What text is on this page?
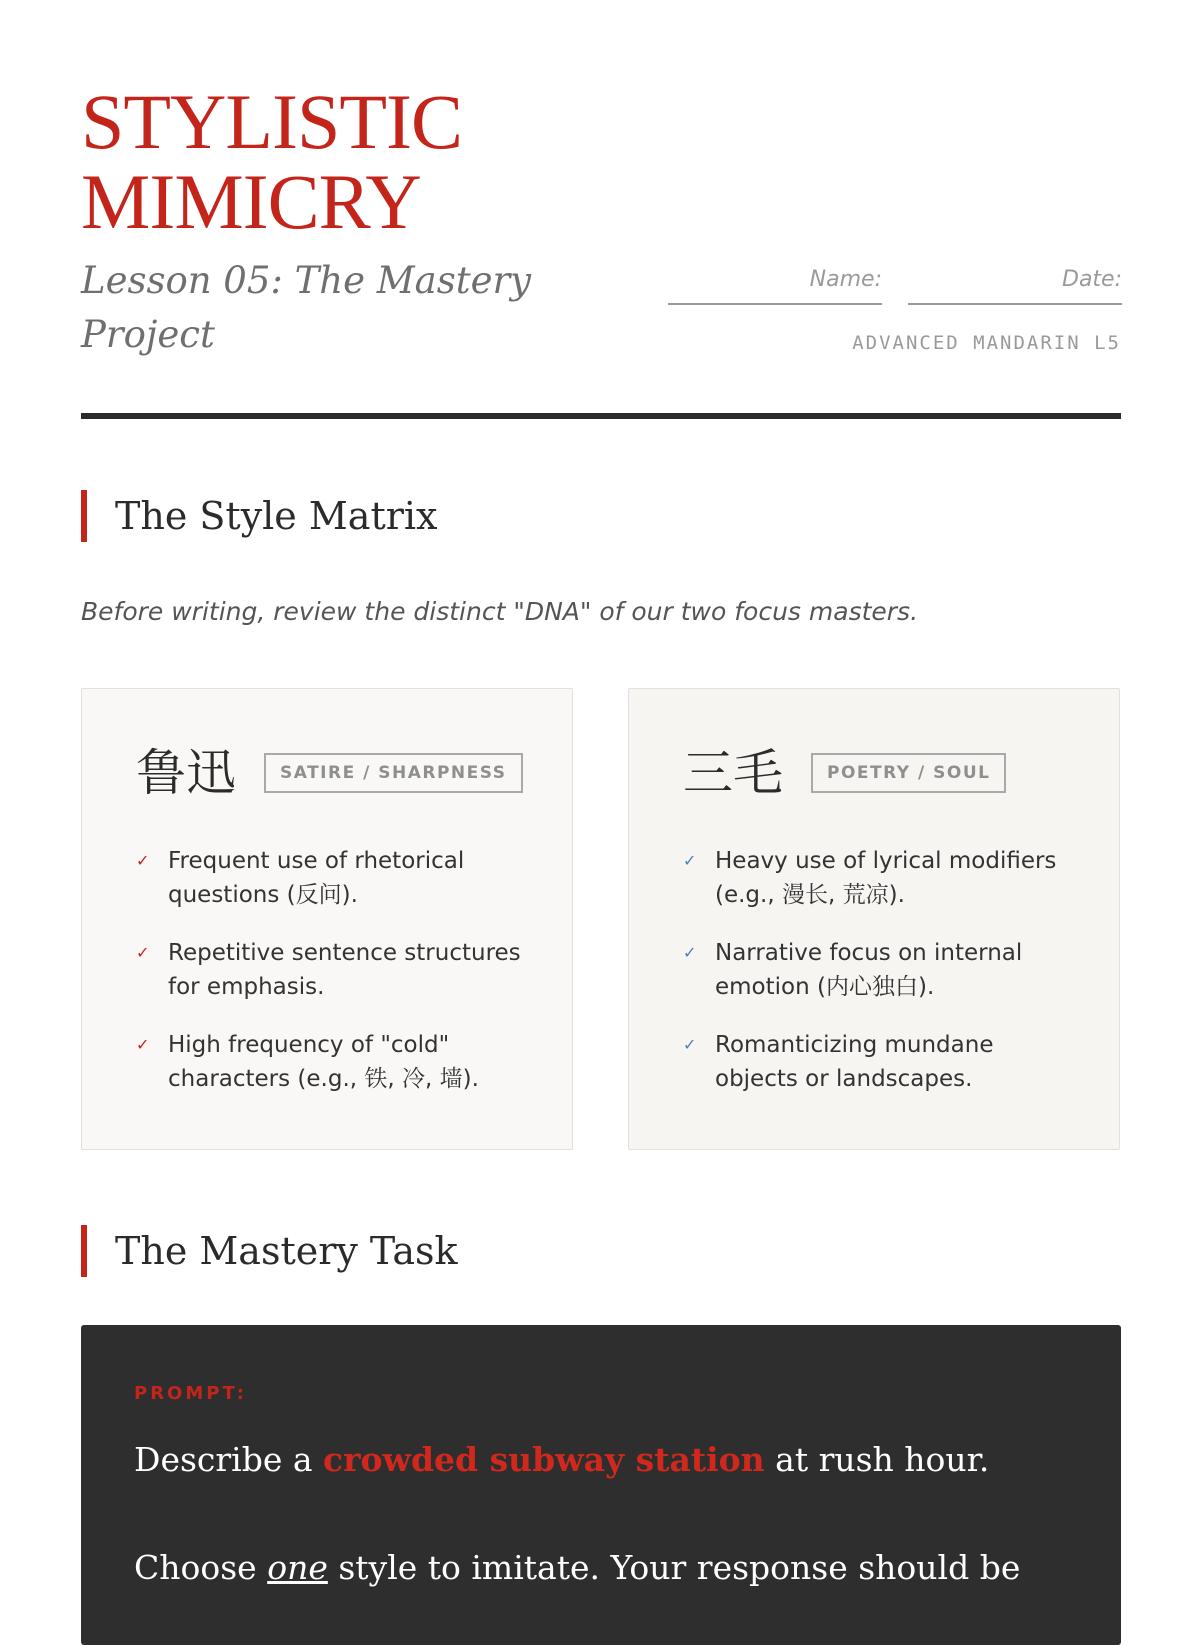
STYLISTIC
MIMICRY
Lesson 05: The Mastery Project
Name:	Date:
ADVANCED MANDARIN L5
The Style Matrix

Before writing, review the distinct "DNA" of our two focus masters.

鲁迅	SATIRE / SHARPNESS
✓ Frequent use of rhetorical questions (反问).
✓ Repetitive sentence structures for emphasis.
✓ High frequency of "cold" characters (e.g., 铁, 冷, 墙).
三毛	POETRY / SOUL
✓ Heavy use of lyrical modifiers (e.g., 漫长, 荒凉).
✓ Narrative focus on internal emotion (内心独白).
✓ Romanticizing mundane objects or landscapes.
The Mastery Task
PROMPT:

Describe a crowded subway station at rush hour.

Choose one style to imitate. Your response should be
